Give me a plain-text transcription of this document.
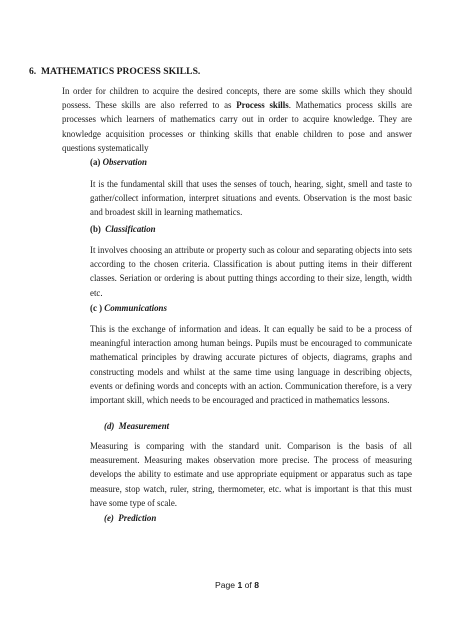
6.  MATHEMATICS PROCESS SKILLS.

In order for children to acquire the desired concepts, there are some skills which they should possess. These skills are also referred to as Process skills. Mathematics process skills are processes which learners of mathematics carry out in order to acquire knowledge. They are knowledge acquisition processes or thinking skills that enable children to pose and answer questions systematically

(a) Observation

It is the fundamental skill that uses the senses of touch, hearing, sight, smell and taste to gather/collect information, interpret situations and events. Observation is the most basic and broadest skill in learning mathematics.

(b) Classification

It involves choosing an attribute or property such as colour and separating objects into sets according to the chosen criteria. Classification is about putting items in their different classes. Seriation or ordering is about putting things according to their size, length, width etc.

(c ) Communications

This is the exchange of information and ideas. It can equally be said to be a process of meaningful interaction among human beings. Pupils must be encouraged to communicate mathematical principles by drawing accurate pictures of objects, diagrams, graphs and constructing models and whilst at the same time using language in describing objects, events or defining words and concepts with an action. Communication therefore, is a very important skill, which needs to be encouraged and practiced in mathematics lessons.

(d) Measurement

Measuring is comparing with the standard unit. Comparison is the basis of all measurement. Measuring makes observation more precise. The process of measuring develops the ability to estimate and use appropriate equipment or apparatus such as tape measure, stop watch, ruler, string, thermometer, etc. what is important is that this must have some type of scale.

(e) Prediction
Page 1 of 8
